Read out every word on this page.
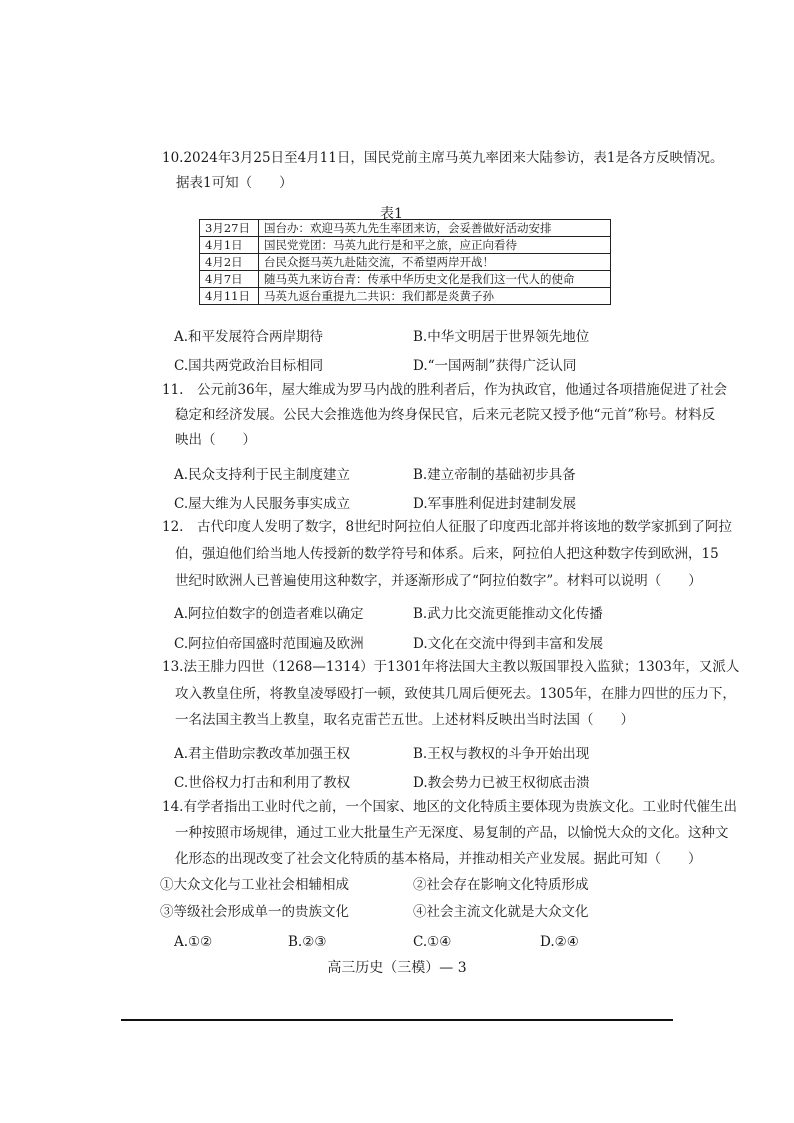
10.2024年3月25日至4月11日，国民党前主席马英九率团来大陆参访，表1是各方反映情况。
据表1可知（　　）
表1
3月27日	国台办：欢迎马英九先生率团来访，会妥善做好活动安排
4月1日	国民党党团：马英九此行是和平之旅，应正向看待
4月2日	台民众挺马英九赴陆交流，不希望两岸开战！
4月7日	随马英九来访台青：传承中华历史文化是我们这一代人的使命
4月11日	马英九返台重提九二共识：我们都是炎黄子孙
A.和平发展符合两岸期待	B.中华文明居于世界领先地位
C.国共两党政治目标相同	D.“一国两制”获得广泛认同
11.　公元前36年，屋大维成为罗马内战的胜利者后，作为执政官，他通过各项措施促进了社会
稳定和经济发展。公民大会推选他为终身保民官，后来元老院又授予他“元首”称号。材料反
映出（　　）
A.民众支持利于民主制度建立	B.建立帝制的基础初步具备
C.屋大维为人民服务事实成立	D.军事胜利促进封建制发展
12.　古代印度人发明了数字，8世纪时阿拉伯人征服了印度西北部并将该地的数学家抓到了阿拉
伯，强迫他们给当地人传授新的数学符号和体系。后来，阿拉伯人把这种数字传到欧洲，15
世纪时欧洲人已普遍使用这种数字，并逐渐形成了“阿拉伯数字”。材料可以说明（　　）
A.阿拉伯数字的创造者难以确定	B.武力比交流更能推动文化传播
C.阿拉伯帝国盛时范围遍及欧洲	D.文化在交流中得到丰富和发展
13.法王腓力四世（1268—1314）于1301年将法国大主教以叛国罪投入监狱；1303年，又派人
攻入教皇住所，将教皇凌辱殴打一顿，致使其几周后便死去。1305年，在腓力四世的压力下，
一名法国主教当上教皇，取名克雷芒五世。上述材料反映出当时法国（　　）
A.君主借助宗教改革加强王权	B.王权与教权的斗争开始出现
C.世俗权力打击和利用了教权	D.教会势力已被王权彻底击溃
14.有学者指出工业时代之前，一个国家、地区的文化特质主要体现为贵族文化。工业时代催生出
一种按照市场规律，通过工业大批量生产无深度、易复制的产品，以愉悦大众的文化。这种文
化形态的出现改变了社会文化特质的基本格局，并推动相关产业发展。据此可知（　　）
①大众文化与工业社会相辅相成	②社会存在影响文化特质形成
③等级社会形成单一的贵族文化	④社会主流文化就是大众文化
A.①②	B.②③	C.①④	D.②④
高三历史（三模）— 3
